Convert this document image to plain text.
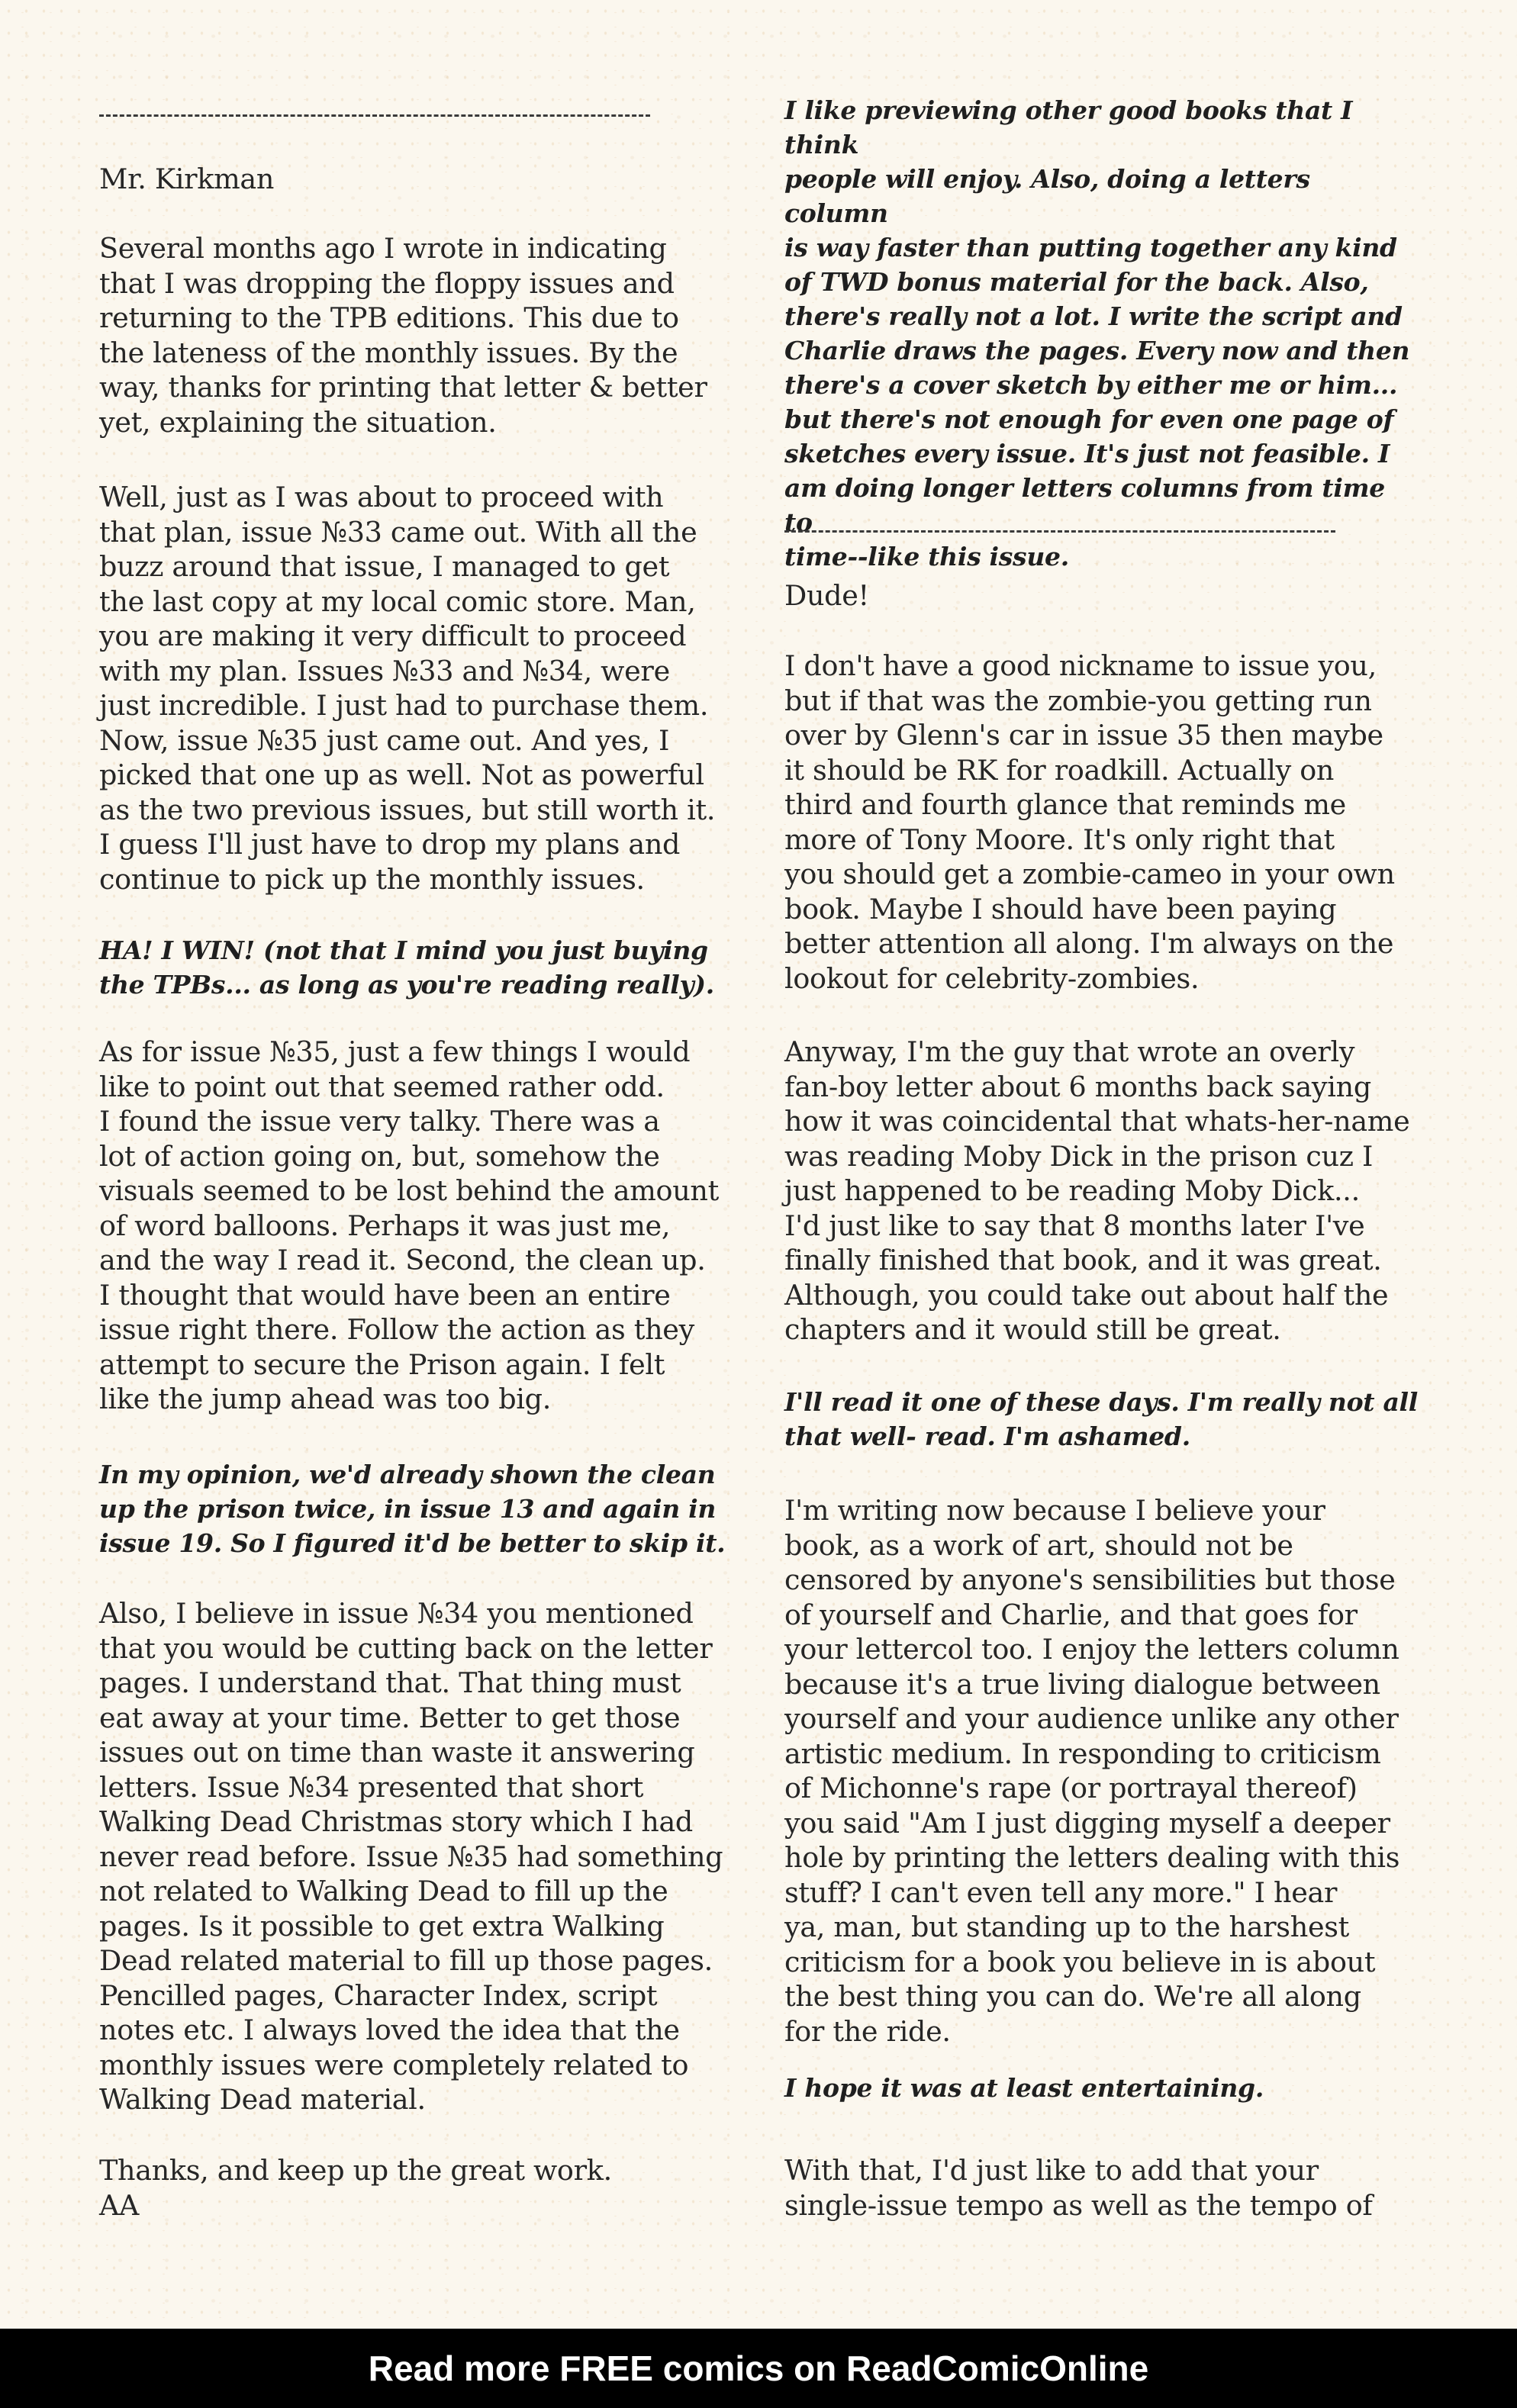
Mr. Kirkman

Several months ago I wrote in indicating
that I was dropping the floppy issues and
returning to the TPB editions. This due to
the lateness of the monthly issues. By the
way, thanks for printing that letter & better
yet, explaining the situation.

Well, just as I was about to proceed with
that plan, issue №33 came out. With all the
buzz around that issue, I managed to get
the last copy at my local comic store. Man,
you are making it very difficult to proceed
with my plan. Issues №33 and №34, were
just incredible. I just had to purchase them.
Now, issue №35 just came out. And yes, I
picked that one up as well. Not as powerful
as the two previous issues, but still worth it.
I guess I'll just have to drop my plans and
continue to pick up the monthly issues.

HA! I WIN! (not that I mind you just buying
the TPBs... as long as you're reading really).

As for issue №35, just a few things I would
like to point out that seemed rather odd.
I found the issue very talky. There was a
lot of action going on, but, somehow the
visuals seemed to be lost behind the amount
of word balloons. Perhaps it was just me,
and the way I read it. Second, the clean up.
I thought that would have been an entire
issue right there. Follow the action as they
attempt to secure the Prison again. I felt
like the jump ahead was too big.

In my opinion, we'd already shown the clean
up the prison twice, in issue 13 and again in
issue 19. So I figured it'd be better to skip it.

Also, I believe in issue №34 you mentioned
that you would be cutting back on the letter
pages. I understand that. That thing must
eat away at your time. Better to get those
issues out on time than waste it answering
letters. Issue №34 presented that short
Walking Dead Christmas story which I had
never read before. Issue №35 had something
not related to Walking Dead to fill up the
pages. Is it possible to get extra Walking
Dead related material to fill up those pages.
Pencilled pages, Character Index, script
notes etc. I always loved the idea that the
monthly issues were completely related to
Walking Dead material.

Thanks, and keep up the great work.
AA

I like previewing other good books that I think
people will enjoy. Also, doing a letters column
is way faster than putting together any kind
of TWD bonus material for the back. Also,
there's really not a lot. I write the script and
Charlie draws the pages. Every now and then
there's a cover sketch by either me or him...
but there's not enough for even one page of
sketches every issue. It's just not feasible. I
am doing longer letters columns from time to
time--like this issue.

Dude!

I don't have a good nickname to issue you,
but if that was the zombie-you getting run
over by Glenn's car in issue 35 then maybe
it should be RK for roadkill. Actually on
third and fourth glance that reminds me
more of Tony Moore. It's only right that
you should get a zombie-cameo in your own
book. Maybe I should have been paying
better attention all along. I'm always on the
lookout for celebrity-zombies.

Anyway, I'm the guy that wrote an overly
fan-boy letter about 6 months back saying
how it was coincidental that whats-her-name
was reading Moby Dick in the prison cuz I
just happened to be reading Moby Dick...
I'd just like to say that 8 months later I've
finally finished that book, and it was great.
Although, you could take out about half the
chapters and it would still be great.

I'll read it one of these days. I'm really not all
that well- read. I'm ashamed.

I'm writing now because I believe your
book, as a work of art, should not be
censored by anyone's sensibilities but those
of yourself and Charlie, and that goes for
your lettercol too. I enjoy the letters column
because it's a true living dialogue between
yourself and your audience unlike any other
artistic medium. In responding to criticism
of Michonne's rape (or portrayal thereof)
you said "Am I just digging myself a deeper
hole by printing the letters dealing with this
stuff? I can't even tell any more." I hear
ya, man, but standing up to the harshest
criticism for a book you believe in is about
the best thing you can do. We're all along
for the ride.

I hope it was at least entertaining.

With that, I'd just like to add that your
single-issue tempo as well as the tempo of

Read more FREE comics on ReadComicOnline
